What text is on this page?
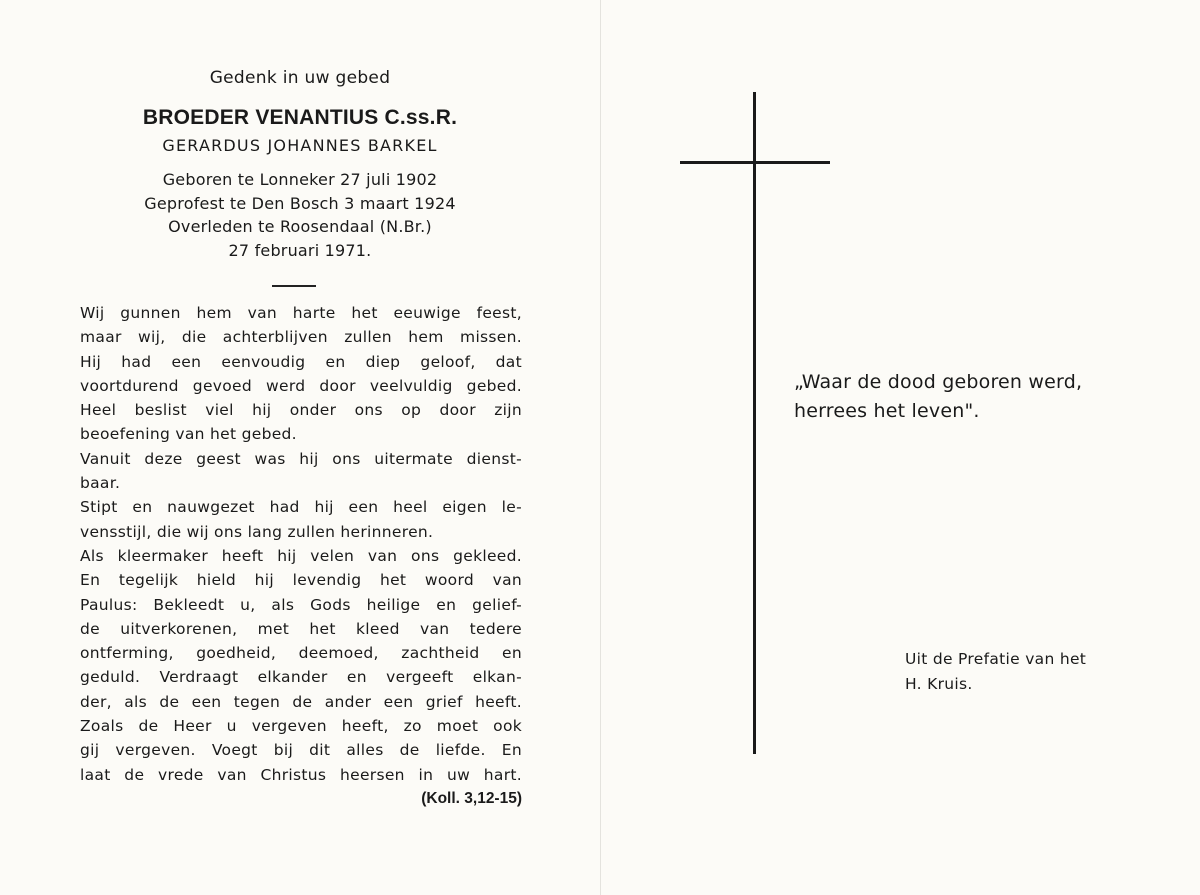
Gedenk in uw gebed
BROEDER VENANTIUS C.ss.R.
GERARDUS JOHANNES BARKEL
Geboren te Lonneker 27 juli 1902
Geprofest te Den Bosch 3 maart 1924
Overleden te Roosendaal (N.Br.)
27 februari 1971.
Wij gunnen hem van harte het eeuwige feest,
maar wij, die achterblijven zullen hem missen.
Hij had een eenvoudig en diep geloof, dat
voortdurend gevoed werd door veelvuldig gebed.
Heel beslist viel hij onder ons op door zijn
beoefening van het gebed.
Vanuit deze geest was hij ons uitermate dienst-
baar.
Stipt en nauwgezet had hij een heel eigen le-
vensstijl, die wij ons lang zullen herinneren.
Als kleermaker heeft hij velen van ons gekleed.
En tegelijk hield hij levendig het woord van
Paulus: Bekleedt u, als Gods heilige en gelief-
de uitverkorenen, met het kleed van tedere
ontferming, goedheid, deemoed, zachtheid en
geduld. Verdraagt elkander en vergeeft elkan-
der, als de een tegen de ander een grief heeft.
Zoals de Heer u vergeven heeft, zo moet ook
gij vergeven. Voegt bij dit alles de liefde. En
laat de vrede van Christus heersen in uw hart.
(Koll. 3,12-15)
„Waar de dood geboren werd,
herrees het leven".
Uit de Prefatie van het
H. Kruis.
